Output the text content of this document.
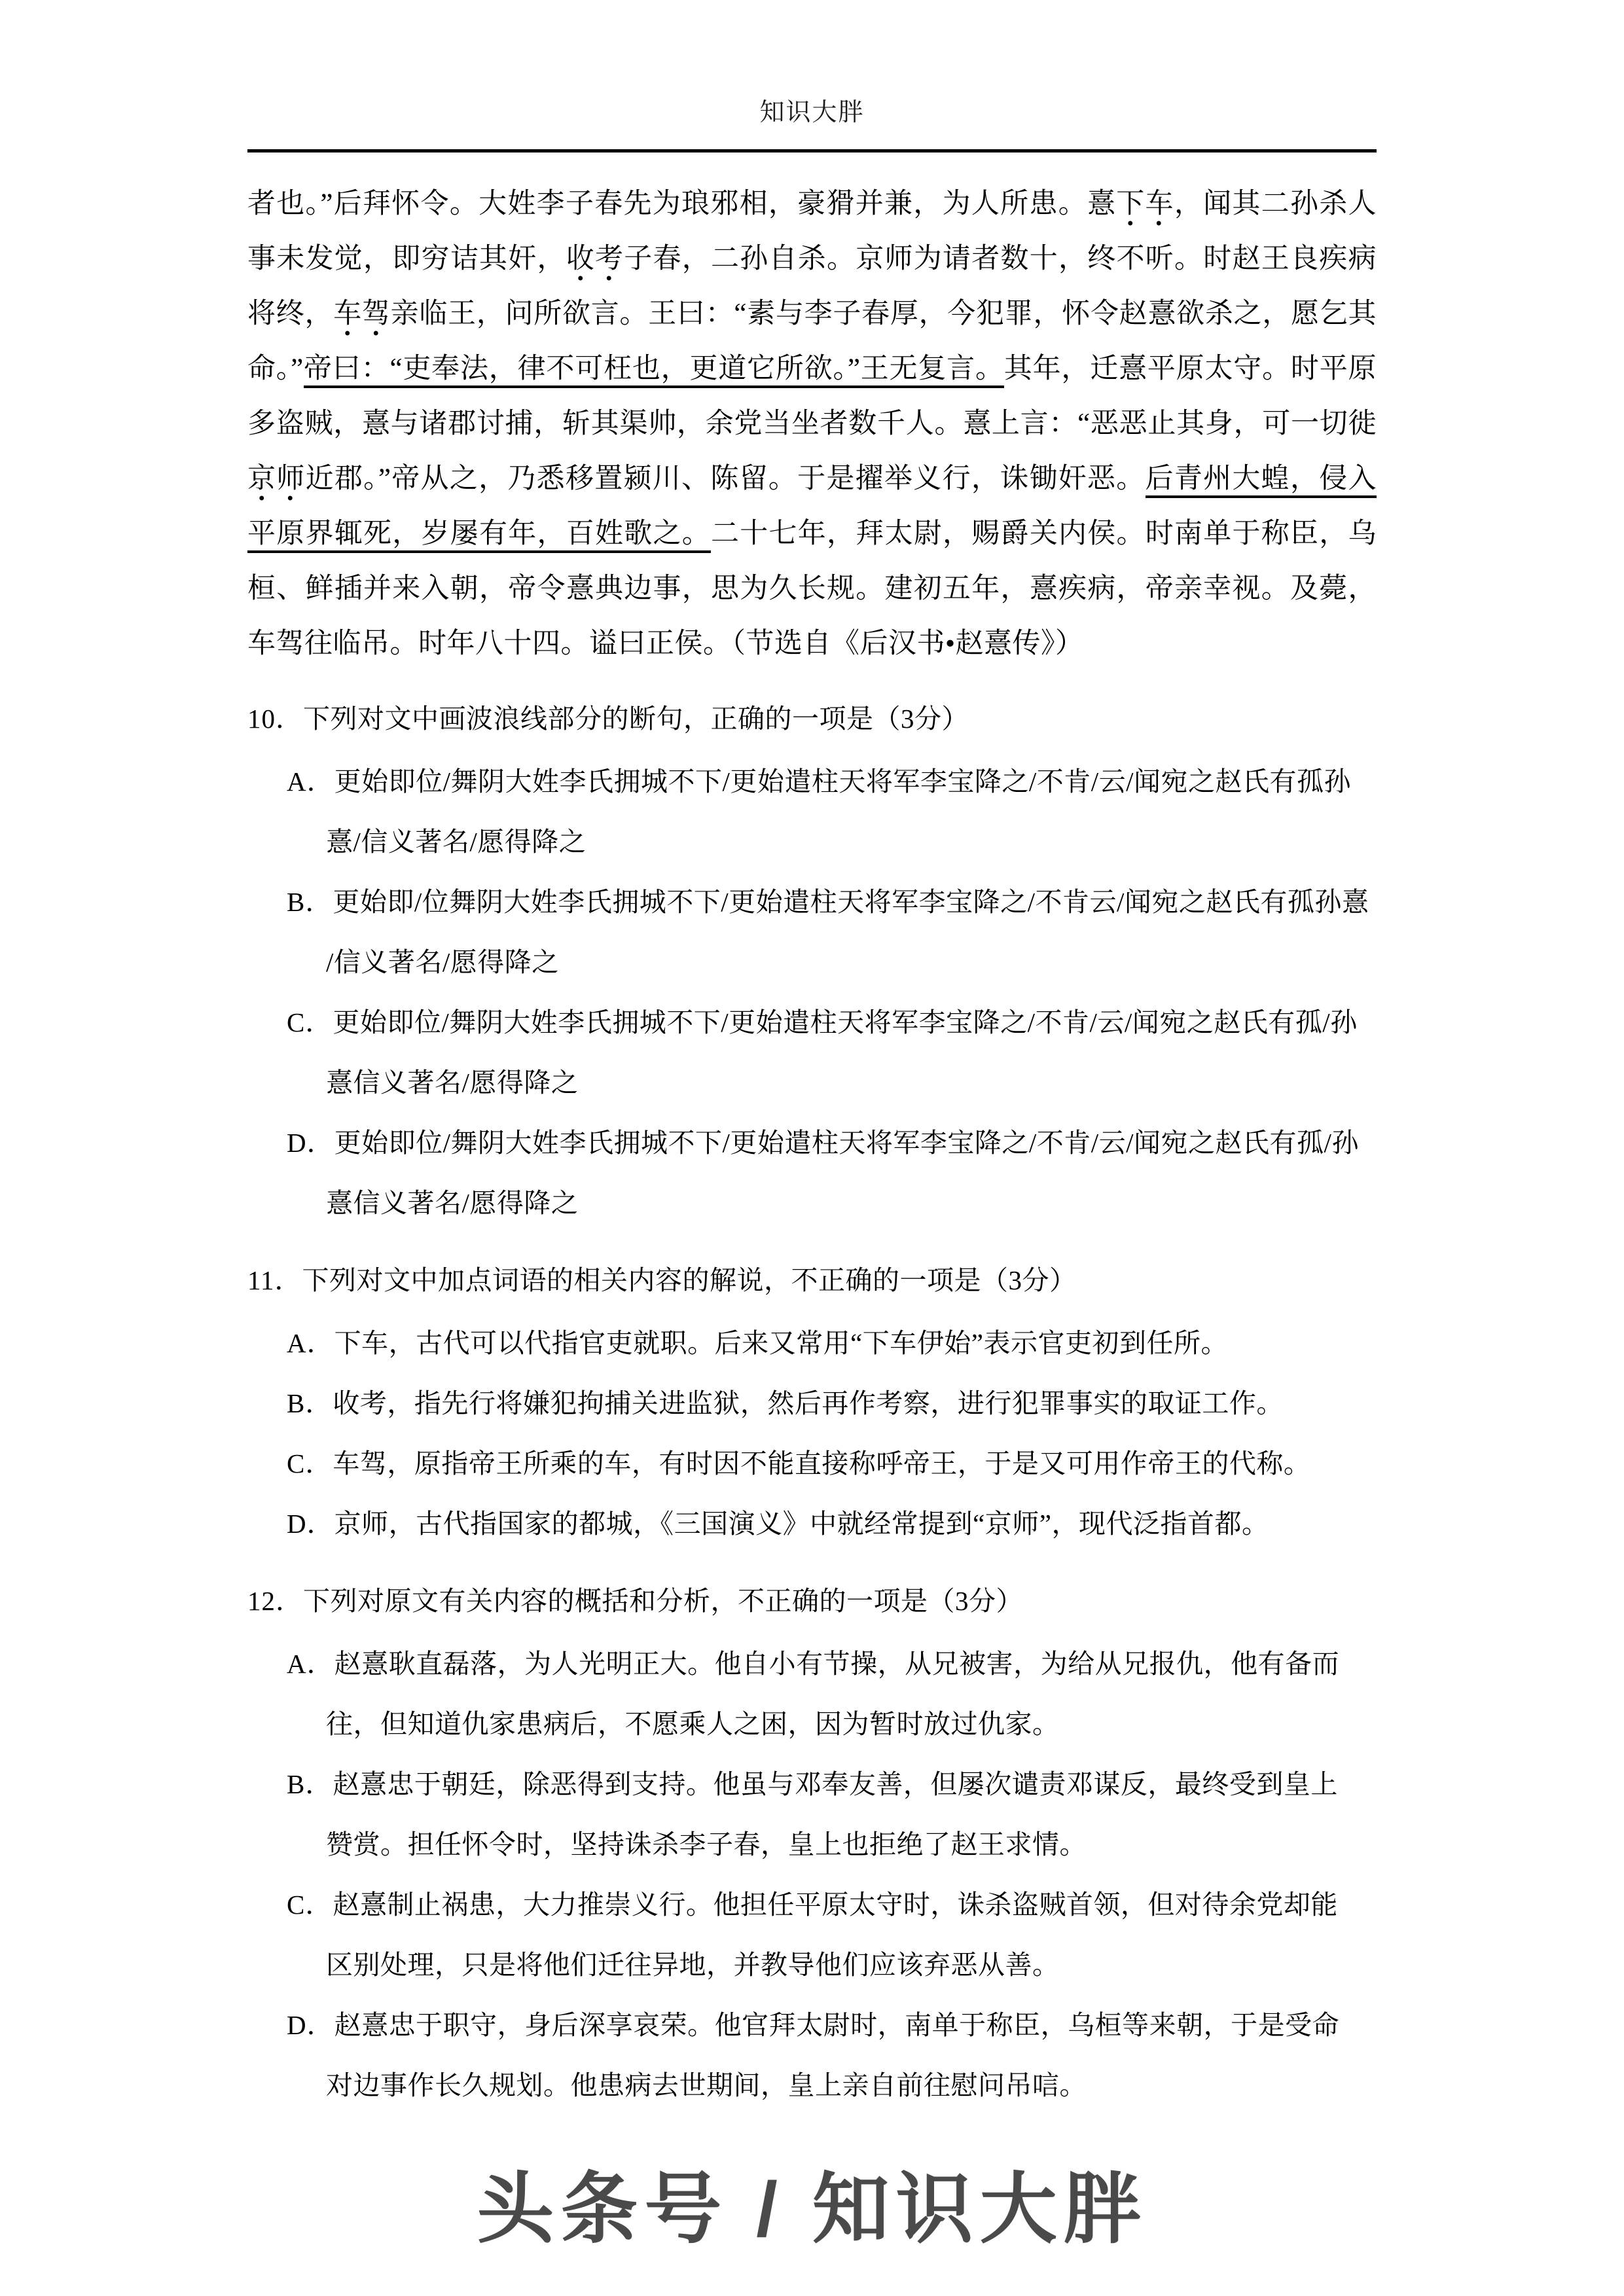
知识大胖

者也。”后拜怀令。大姓李子春先为琅邪相，豪猾并兼，为人所患。憙下车，闻其二孙杀人事未发觉，即穷诘其奸，收考子春，二孙自杀。京师为请者数十，终不听。时赵王良疾病将终，车驾亲临王，问所欲言。王曰：“素与李子春厚，今犯罪，怀令赵憙欲杀之，愿乞其命。”帝曰：“吏奉法，律不可枉也，更道它所欲。”王无复言。其年，迁憙平原太守。时平原多盗贼，憙与诸郡讨捕，斩其渠帅，余党当坐者数千人。憙上言：“恶恶止其身，可一切徙京师近郡。”帝从之，乃悉移置颍川、陈留。于是擢举义行，诛锄奸恶。后青州大蝗，侵入平原界辄死，岁屡有年，百姓歌之。二十七年，拜太尉，赐爵关内侯。时南单于称臣，乌桓、鲜插并来入朝，帝令憙典边事，思为久长规。建初五年，憙疾病，帝亲幸视。及薨，车驾往临吊。时年八十四。谥曰正侯。（节选自《后汉书•赵憙传》）

10．下列对文中画波浪线部分的断句，正确的一项是（3分）

A．更始即位/舞阴大姓李氏拥城不下/更始遣柱天将军李宝降之/不肯/云/闻宛之赵氏有孤孙

憙/信义著名/愿得降之

B．更始即/位舞阴大姓李氏拥城不下/更始遣柱天将军李宝降之/不肯云/闻宛之赵氏有孤孙憙

/信义著名/愿得降之

C．更始即位/舞阴大姓李氏拥城不下/更始遣柱天将军李宝降之/不肯/云/闻宛之赵氏有孤/孙

憙信义著名/愿得降之

D．更始即位/舞阴大姓李氏拥城不下/更始遣柱天将军李宝降之/不肯/云/闻宛之赵氏有孤/孙

憙信义著名/愿得降之

11．下列对文中加点词语的相关内容的解说，不正确的一项是（3分）

A．下车，古代可以代指官吏就职。后来又常用“下车伊始”表示官吏初到任所。

B．收考，指先行将嫌犯拘捕关进监狱，然后再作考察，进行犯罪事实的取证工作。

C．车驾，原指帝王所乘的车，有时因不能直接称呼帝王，于是又可用作帝王的代称。

D．京师，古代指国家的都城，《三国演义》中就经常提到“京师”，现代泛指首都。

12．下列对原文有关内容的概括和分析，不正确的一项是（3分）

A．赵憙耿直磊落，为人光明正大。他自小有节操，从兄被害，为给从兄报仇，他有备而

往，但知道仇家患病后，不愿乘人之困，因为暂时放过仇家。

B．赵憙忠于朝廷，除恶得到支持。他虽与邓奉友善，但屡次谴责邓谋反，最终受到皇上

赞赏。担任怀令时，坚持诛杀李子春，皇上也拒绝了赵王求情。

C．赵憙制止祸患，大力推崇义行。他担任平原太守时，诛杀盗贼首领，但对待余党却能

区别处理，只是将他们迁往异地，并教导他们应该弃恶从善。

D．赵憙忠于职守，身后深享哀荣。他官拜太尉时，南单于称臣，乌桓等来朝，于是受命

对边事作长久规划。他患病去世期间，皇上亲自前往慰问吊唁。

头条号 / 知识大胖
